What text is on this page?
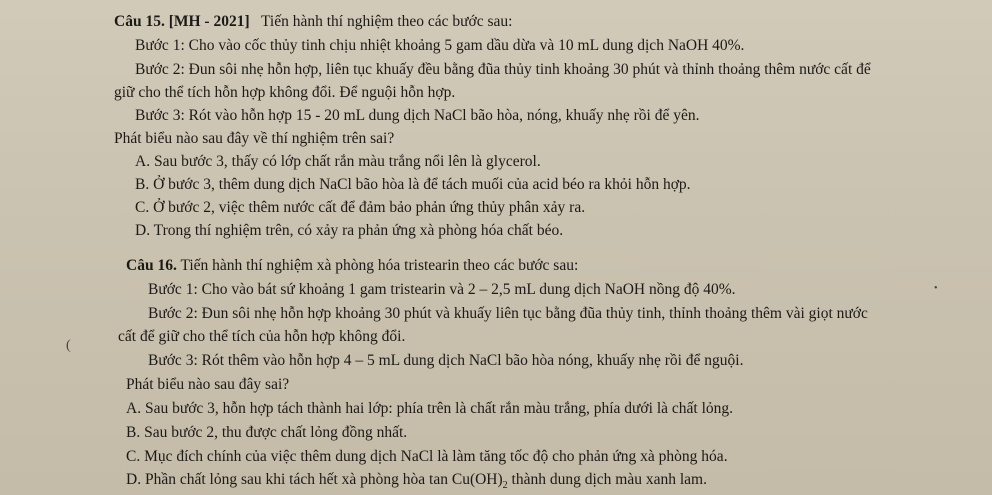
Câu 15. [MH - 2021] Tiến hành thí nghiệm theo các bước sau:
Bước 1: Cho vào cốc thủy tinh chịu nhiệt khoảng 5 gam dầu dừa và 10 mL dung dịch NaOH 40%.
Bước 2: Đun sôi nhẹ hỗn hợp, liên tục khuấy đều bằng đũa thủy tinh khoảng 30 phút và thỉnh thoảng thêm nước cất để
giữ cho thể tích hỗn hợp không đổi. Để nguội hỗn hợp.
Bước 3: Rót vào hỗn hợp 15 - 20 mL dung dịch NaCl bão hòa, nóng, khuấy nhẹ rồi để yên.
Phát biểu nào sau đây về thí nghiệm trên sai?
A. Sau bước 3, thấy có lớp chất rắn màu trắng nổi lên là glycerol.
B. Ở bước 3, thêm dung dịch NaCl bão hòa là để tách muối của acid béo ra khỏi hỗn hợp.
C. Ở bước 2, việc thêm nước cất để đảm bảo phản ứng thủy phân xảy ra.
D. Trong thí nghiệm trên, có xảy ra phản ứng xà phòng hóa chất béo.
Câu 16. Tiến hành thí nghiệm xà phòng hóa tristearin theo các bước sau:
Bước 1: Cho vào bát sứ khoảng 1 gam tristearin và 2 – 2,5 mL dung dịch NaOH nồng độ 40%.
Bước 2: Đun sôi nhẹ hỗn hợp khoảng 30 phút và khuấy liên tục bằng đũa thủy tinh, thỉnh thoảng thêm vài giọt nước
cất để giữ cho thể tích của hỗn hợp không đổi.
Bước 3: Rót thêm vào hỗn hợp 4 – 5 mL dung dịch NaCl bão hòa nóng, khuấy nhẹ rồi để nguội.
Phát biểu nào sau đây sai?
A. Sau bước 3, hỗn hợp tách thành hai lớp: phía trên là chất rắn màu trắng, phía dưới là chất lỏng.
B. Sau bước 2, thu được chất lỏng đồng nhất.
C. Mục đích chính của việc thêm dung dịch NaCl là làm tăng tốc độ cho phản ứng xà phòng hóa.
D. Phần chất lỏng sau khi tách hết xà phòng hòa $\tan Cu(OH)_2$ thành dung dịch màu xanh lam.
(
•
